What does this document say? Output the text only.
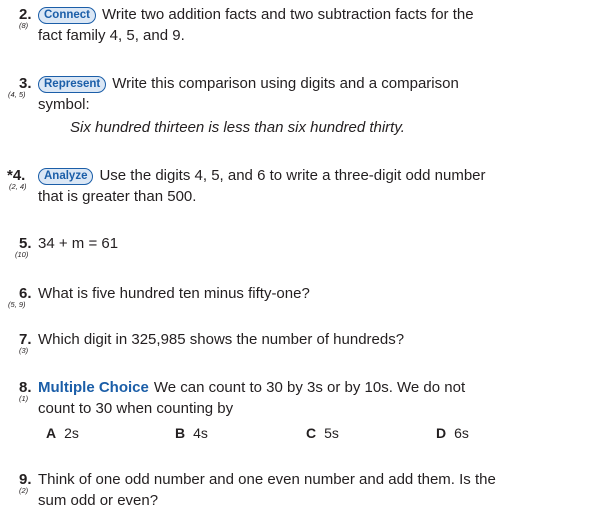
2.
(8)
Connect Write two addition facts and two subtraction facts for the
fact family 4, 5, and 9.
3.
(4, 5)
Represent Write this comparison using digits and a comparison
symbol:
Six hundred thirteen is less than six hundred thirty.
*4.
(2, 4)
Analyze Use the digits 4, 5, and 6 to write a three-digit odd number
that is greater than 500.
5.
(10)
34 + m = 61
6.
(5, 9)
What is five hundred ten minus fifty-one?
7.
(3)
Which digit in 325,985 shows the number of hundreds?
8.
(1)
Multiple Choice We can count to 30 by 3s or by 10s. We do not
count to 30 when counting by
A 2s	B 4s	C 5s	D 6s
9.
(2)
Think of one odd number and one even number and add them. Is the
sum odd or even?
